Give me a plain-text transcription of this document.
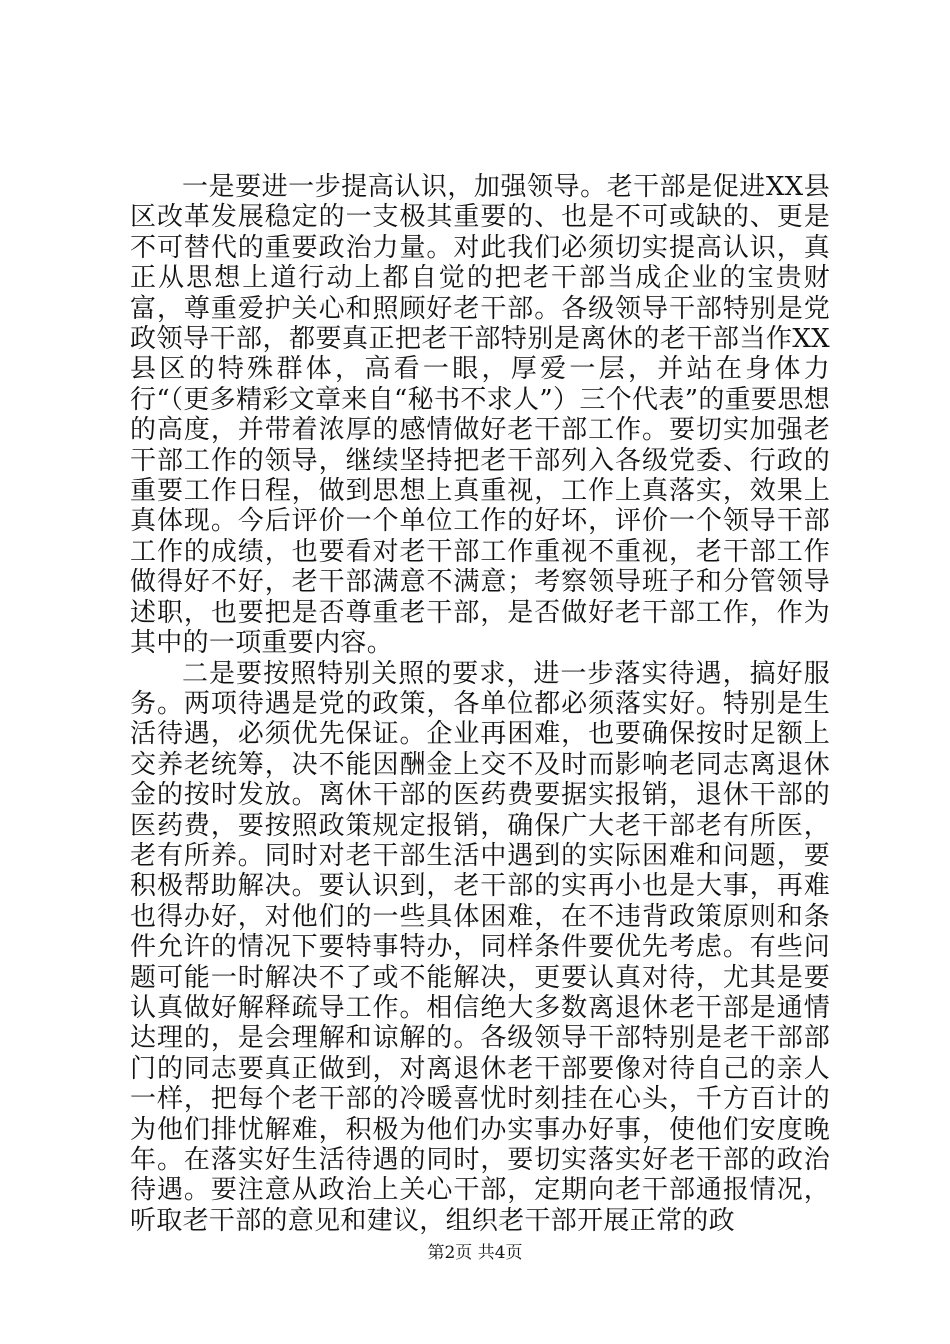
一是要进一步提高认识，加强领导。老干部是促进XX县区改革发展稳定的一支极其重要的、也是不可或缺的、更是不可替代的重要政治力量。对此我们必须切实提高认识，真正从思想上道行动上都自觉的把老干部当成企业的宝贵财富，尊重爱护关心和照顾好老干部。各级领导干部特别是党政领导干部，都要真正把老干部特别是离休的老干部当作XX县区的特殊群体，高看一眼，厚爱一层，并站在身体力行“（更多精彩文章来自“秘书不求人”）三个代表”的重要思想的高度，并带着浓厚的感情做好老干部工作。要切实加强老干部工作的领导，继续坚持把老干部列入各级党委、行政的重要工作日程，做到思想上真重视，工作上真落实，效果上真体现。今后评价一个单位工作的好坏，评价一个领导干部工作的成绩，也要看对老干部工作重视不重视，老干部工作做得好不好，老干部满意不满意；考察领导班子和分管领导述职，也要把是否尊重老干部，是否做好老干部工作，作为其中的一项重要内容。

二是要按照特别关照的要求，进一步落实待遇，搞好服务。两项待遇是党的政策，各单位都必须落实好。特别是生活待遇，必须优先保证。企业再困难，也要确保按时足额上交养老统筹，决不能因酬金上交不及时而影响老同志离退休金的按时发放。离休干部的医药费要据实报销，退休干部的医药费，要按照政策规定报销，确保广大老干部老有所医，老有所养。同时对老干部生活中遇到的实际困难和问题，要积极帮助解决。要认识到，老干部的实再小也是大事，再难也得办好，对他们的一些具体困难，在不违背政策原则和条件允许的情况下要特事特办，同样条件要优先考虑。有些问题可能一时解决不了或不能解决，更要认真对待，尤其是要认真做好解释疏导工作。相信绝大多数离退休老干部是通情达理的，是会理解和谅解的。各级领导干部特别是老干部部门的同志要真正做到，对离退休老干部要像对待自己的亲人一样，把每个老干部的冷暖喜忧时刻挂在心头，千方百计的为他们排忧解难，积极为他们办实事办好事，使他们安度晚年。在落实好生活待遇的同时，要切实落实好老干部的政治待遇。要注意从政治上关心干部，定期向老干部通报情况，听取老干部的意见和建议，组织老干部开展正常的政

第2页 共4页
